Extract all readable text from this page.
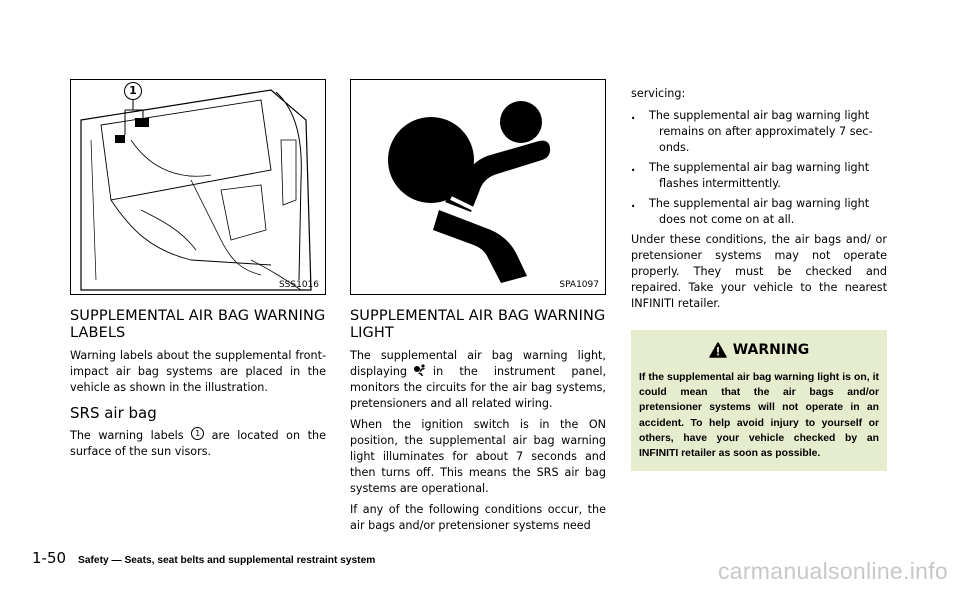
1
SSS1016
SUPPLEMENTAL AIR BAG WARNING LABELS
Warning labels about the supplemental front-impact air bag systems are placed in the vehicle as shown in the illustration.
SRS air bag
The warning labels 1 are located on the surface of the sun visors.
SPA1097
SUPPLEMENTAL AIR BAG WARNING LIGHT
The supplemental air bag warning light, displaying in the instrument panel, monitors the circuits for the air bag systems, pretensioners and all related wiring.
When the ignition switch is in the ON position, the supplemental air bag warning light illuminates for about 7 seconds and then turns off. This means the SRS air bag systems are operational.
If any of the following conditions occur, the air bags and/or pretensioner systems need
servicing:
. The supplemental air bag warning light
remains on after approximately 7 sec- onds.
. The supplemental air bag warning light
flashes intermittently.
. The supplemental air bag warning light
does not come on at all.
Under these conditions, the air bags and/ or pretensioner systems may not operate properly. They must be checked and repaired. Take your vehicle to the nearest INFINITI retailer.
WARNING
If the supplemental air bag warning light is on, it could mean that the air bags and/or pretensioner systems will not operate in an accident. To help avoid injury to yourself or others, have your vehicle checked by an INFINITI retailer as soon as possible.
1-50 Safety — Seats, seat belts and supplemental restraint system	carmanualsonline.info
